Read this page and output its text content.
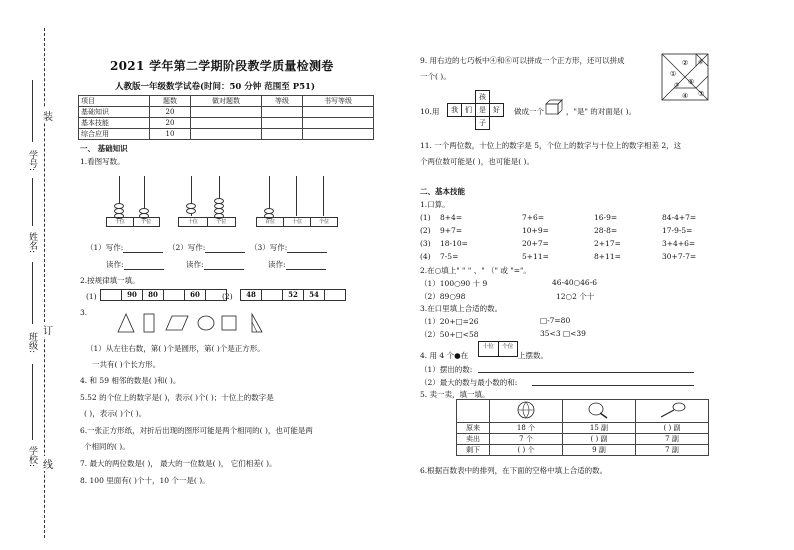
学号:
姓名:
班级:
学校:
装
订
线
2021 学年第二学期阶段教学质量检测卷
人教版一年级数学试卷(时间：50 分钟 范围至 P51)
项目	题数	做对题数	等级	书写等级
基础知识	20			
基本技能	20			
综合应用	10			
一、 基础知识
1.看图写数。
十位	个位	十位	个位	百位	十位	个位
（1）写作:	（2）写作:	（3）写作:
读作:	读作:	读作:
2.按规律填一填。
(1)	90	80	60	(2)	48	52	54
3.
（1）从左往右数，第( )个是圆形，第( )个是正方形。
一共有( )个长方形。
4. 和 59 相邻的数是( )和( )。
5.52 的个位上的数字是( )，表示( )个( )；十位上的数字是
( )，表示( )个( )。
6.一张正方形纸，对折后出现的图形可能是两个相同的( )，也可能是两
个相同的( )。
7. 最大的两位数是( )， 最大的一位数是( )， 它们相差( )。
8. 100 里面有( )个十，10 个一是( )。
9. 用右边的七巧板中④和⑥可以拼成一个正方形，还可以拼成
一个( )。
②
①
⑥
⑤
④
③
⑦
10.用
孩
我	们	是	好
子
做成一个	，"是" 的对面是( )。
11. 一个两位数，十位上的数字是 5，个位上的数字与十位上的数字相差 2，这
个两位数可能是( )，也可能是( )。
二、基本技能
1.口算。
(1) 8+4=	7+6=	16-9=	84-4+7=
(2) 9+7=	10+9=	28-8=	17-9-5=
(3) 18-10=	20+7=	2+17=	3+4+6=
(4) 7-5=	5+11=	8+11=	30+7-7=
2.在○填上" " " 、" （" 或 "="。
（1）100○90 十 9	46-40○46-6
（2）89○98	12○2 个十
3.在口里填上合适的数。
（1）20+□=26	□-7=80
（2）50+□<58	35<3 □<39
4. 用 4 个●在
十位	个位
上摆数。
（1）摆出的数:
（2）最大的数与最小数的和:
5. 卖一卖，填一填。

原来	18 个	15 副	( ) 副
卖出	7 个	( ) 副	7 副
剩下	( ) 个	9 副	7 副
6.根据百数表中的排列，在下面的空格中填上合适的数。
